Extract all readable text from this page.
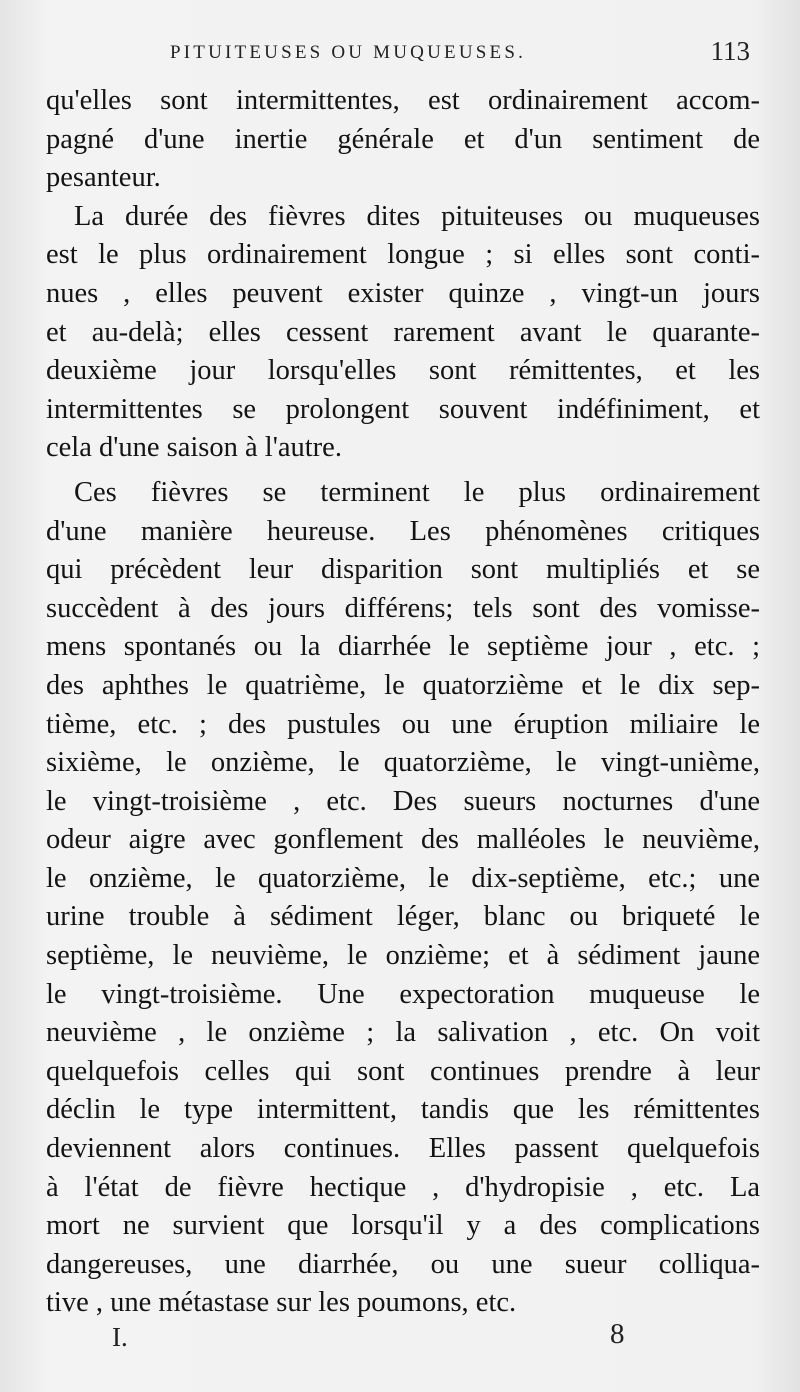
PITUITEUSES OU MUQUEUSES.	113
qu'elles sont intermittentes, est ordinairement accom-
pagné d'une inertie générale et d'un sentiment de
pesanteur.
La durée des fièvres dites pituiteuses ou muqueuses
est le plus ordinairement longue ; si elles sont conti-
nues , elles peuvent exister quinze , vingt-un jours
et au-delà; elles cessent rarement avant le quarante-
deuxième jour lorsqu'elles sont rémittentes, et les
intermittentes se prolongent souvent indéfiniment, et
cela d'une saison à l'autre.
Ces fièvres se terminent le plus ordinairement
d'une manière heureuse. Les phénomènes critiques
qui précèdent leur disparition sont multipliés et se
succèdent à des jours différens; tels sont des vomisse-
mens spontanés ou la diarrhée le septième jour , etc. ;
des aphthes le quatrième, le quatorzième et le dix sep-
tième, etc. ; des pustules ou une éruption miliaire le
sixième, le onzième, le quatorzième, le vingt-unième,
le vingt-troisième , etc. Des sueurs nocturnes d'une
odeur aigre avec gonflement des malléoles le neuvième,
le onzième, le quatorzième, le dix-septième, etc.; une
urine trouble à sédiment léger, blanc ou briqueté le
septième, le neuvième, le onzième; et à sédiment jaune
le vingt-troisième. Une expectoration muqueuse le
neuvième , le onzième ; la salivation , etc. On voit
quelquefois celles qui sont continues prendre à leur
déclin le type intermittent, tandis que les rémittentes
deviennent alors continues. Elles passent quelquefois
à l'état de fièvre hectique , d'hydropisie , etc. La
mort ne survient que lorsqu'il y a des complications
dangereuses, une diarrhée, ou une sueur colliqua-
tive , une métastase sur les poumons, etc.
I.	8
